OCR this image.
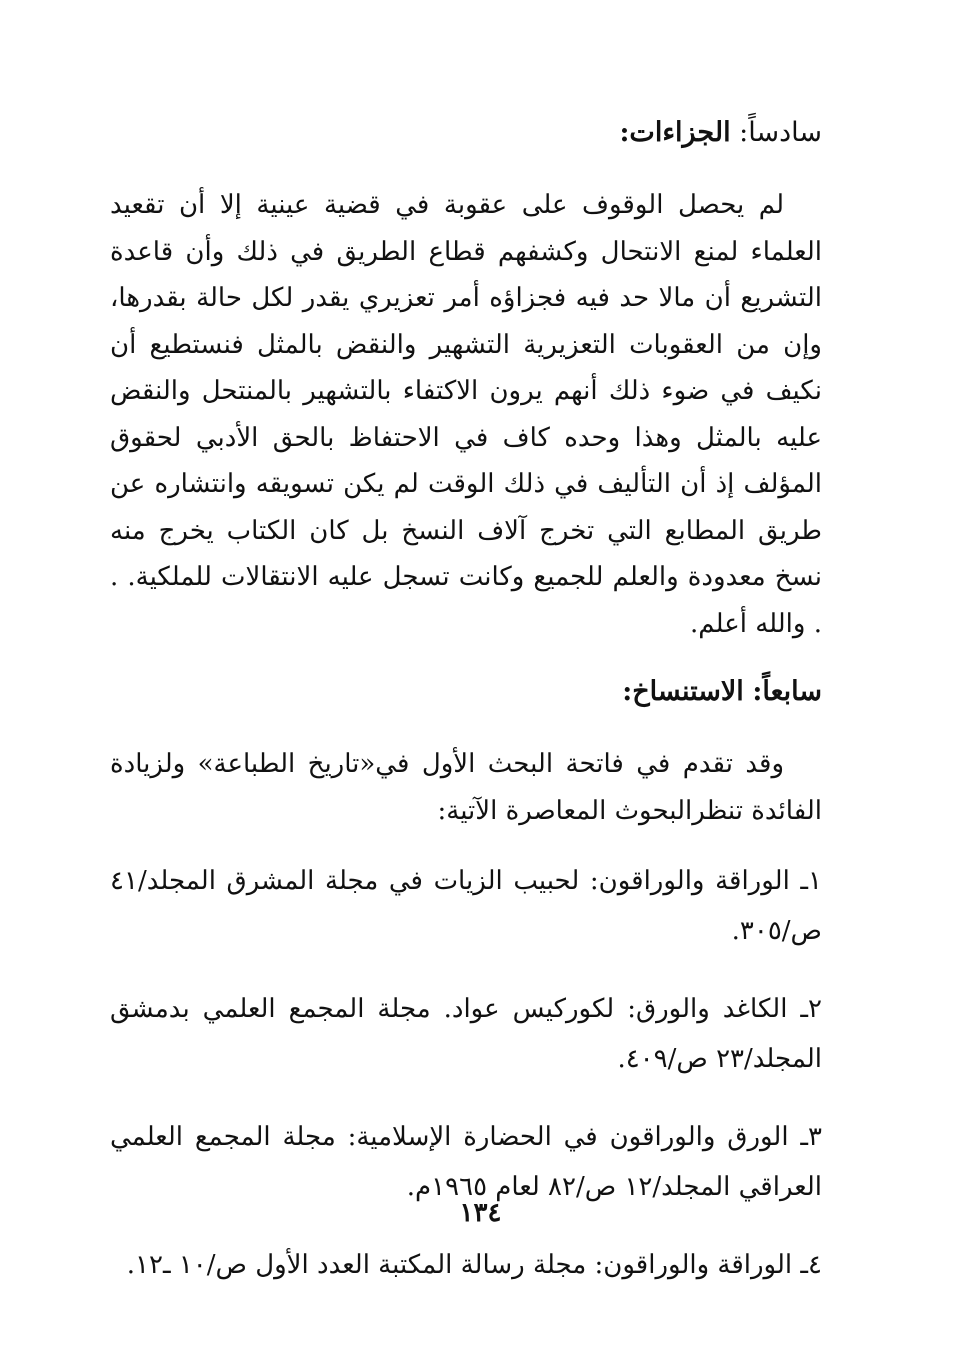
سادساً: الجزاءات:

لم يحصل الوقوف على عقوبة في قضية عينية إلا أن تقعيد العلماء لمنع الانتحال وكشفهم قطاع الطريق في ذلك وأن قاعدة التشريع أن مالا حد فيه فجزاؤه أمر تعزيري يقدر لكل حالة بقدرها، وإن من العقوبات التعزيرية التشهير والنقض بالمثل فنستطيع أن نكيف في ضوء ذلك أنهم يرون الاكتفاء بالتشهير بالمنتحل والنقض عليه بالمثل وهذا وحده كاف في الاحتفاظ بالحق الأدبي لحقوق المؤلف إذ أن التأليف في ذلك الوقت لم يكن تسويقه وانتشاره عن طريق المطابع التي تخرج آلاف النسخ بل كان الكتاب يخرج منه نسخ معدودة والعلم للجميع وكانت تسجل عليه الانتقالات للملكية. . . والله أعلم.

سابعاً: الاستنساخ:

وقد تقدم في فاتحة البحث الأول في«تاريخ الطباعة» ولزيادة الفائدة تنظرالبحوث المعاصرة الآتية:

١ـ الوراقة والوراقون: لحبيب الزيات في مجلة المشرق المجلد/٤١ ص/٣٠٥.

٢ـ الكاغد والورق: لكوركيس عواد. مجلة المجمع العلمي بدمشق المجلد/٢٣ ص/٤٠٩.

٣ـ الورق والوراقون في الحضارة الإسلامية: مجلة المجمع العلمي العراقي المجلد/١٢ ص/٨٢ لعام ١٩٦٥م.

٤ـ الوراقة والوراقون: مجلة رسالة المكتبة العدد الأول ص/١٠ ـ١٢.

١٣٤
